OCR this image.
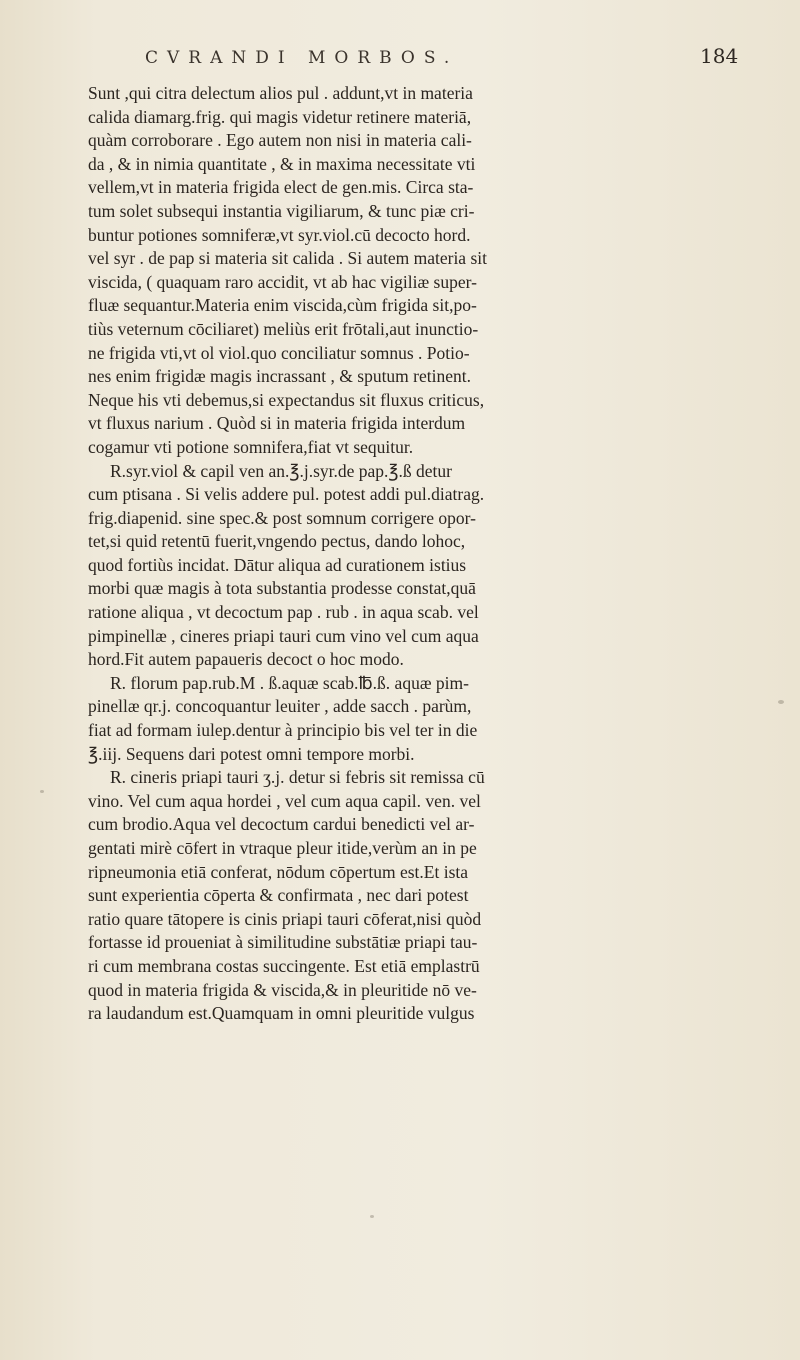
CVRANDI MORBOS.	184
Sunt ,qui citra delectum alios pul . addunt,vt in materia
calida diamarg.frig. qui magis videtur retinere materiā,
quàm corroborare . Ego autem non nisi in materia cali-
da , & in nimia quantitate , & in maxima necessitate vti
vellem,vt in materia frigida elect de gen.mis. Circa sta-
tum solet subsequi instantia vigiliarum, & tunc piæ cri-
buntur potiones somniferæ,vt syr.viol.cū decocto hord.
vel syr . de pap si materia sit calida . Si autem materia sit
viscida, ( quaquam raro accidit, vt ab hac vigiliæ super-
fluæ sequantur.Materia enim viscida,cùm frigida sit,po-
tiùs veternum cōciliaret) meliùs erit frōtali,aut inunctio-
ne frigida vti,vt ol viol.quo conciliatur somnus . Potio-
nes enim frigidæ magis incrassant , & sputum retinent.
Neque his vti debemus,si expectandus sit fluxus criticus,
vt fluxus narium . Quòd si in materia frigida interdum
cogamur vti potione somnifera,fiat vt sequitur.
R.syr.viol & capil ven an.℥.j.syr.de pap.℥.ß detur
cum ptisana . Si velis addere pul. potest addi pul.diatrag.
frig.diapenid. sine spec.& post somnum corrigere opor-
tet,si quid retentū fuerit,vngendo pectus, dando lohoc,
quod fortiùs incidat. Dātur aliqua ad curationem istius
morbi quæ magis à tota substantia prodesse constat,quā
ratione aliqua , vt decoctum pap . rub . in aqua scab. vel
pimpinellæ , cineres priapi tauri cum vino vel cum aqua
hord.Fit autem papaueris decoct o hoc modo.
R. florum pap.rub.M . ß.aquæ scab.℔.ß. aquæ pim-
pinellæ qr.j. concoquantur leuiter , adde sacch . parùm,
fiat ad formam iulep.dentur à principio bis vel ter in die
℥.iij. Sequens dari potest omni tempore morbi.
R. cineris priapi tauri ʒ.j. detur si febris sit remissa cū
vino. Vel cum aqua hordei , vel cum aqua capil. ven. vel
cum brodio.Aqua vel decoctum cardui benedicti vel ar-
gentati mirè cōfert in vtraque pleur itide,verùm an in pe
ripneumonia etiā conferat, nōdum cōpertum est.Et ista
sunt experientia cōperta & confirmata , nec dari potest
ratio quare tātopere is cinis priapi tauri cōferat,nisi quòd
fortasse id proueniat à similitudine substātiæ priapi tau-
ri cum membrana costas succingente. Est etiā emplastrū
quod in materia frigida & viscida,& in pleuritide nō ve-
ra laudandum est.Quamquam in omni pleuritide vulgus
